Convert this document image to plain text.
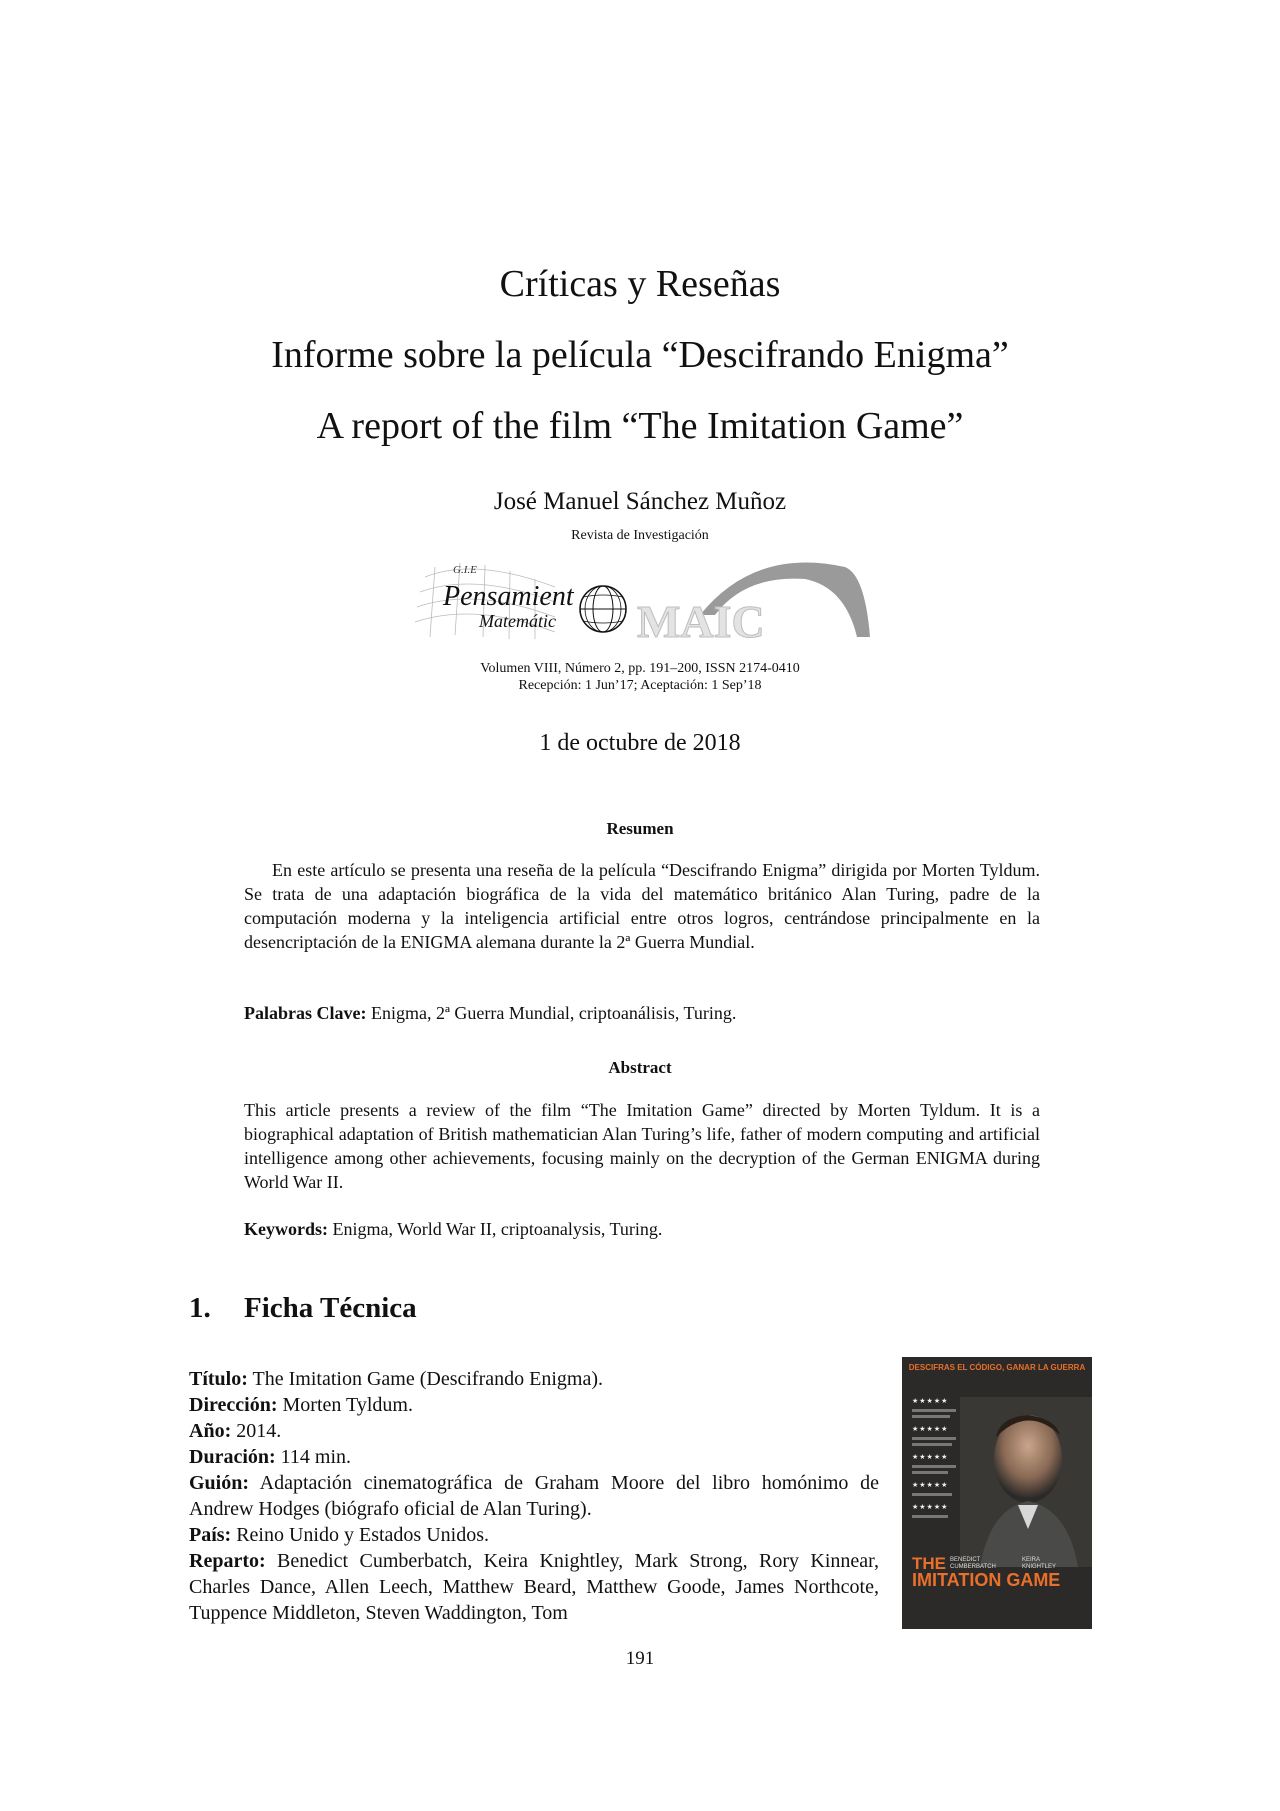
Críticas y Reseñas
Informe sobre la película “Descifrando Enigma”
A report of the film “The Imitation Game”
José Manuel Sánchez Muñoz
Revista de Investigación
G.I.E
Pensamient
Matemátic MAIC
Volumen VIII, Número 2, pp. 191–200, ISSN 2174-0410
Recepción: 1 Jun’17; Aceptación: 1 Sep’18
1 de octubre de 2018
Resumen
En este artículo se presenta una reseña de la película “Descifrando Enigma” dirigida por Morten Tyldum. Se trata de una adaptación biográfica de la vida del matemático británico Alan Turing, padre de la computación moderna y la inteligencia artificial entre otros logros, centrándose principalmente en la desencriptación de la ENIGMA alemana durante la 2ª Guerra Mundial.
Palabras Clave: Enigma, 2ª Guerra Mundial, criptoanálisis, Turing.
Abstract
This article presents a review of the film “The Imitation Game” directed by Morten Tyldum. It is a biographical adaptation of British mathematician Alan Turing’s life, father of modern computing and artificial intelligence among other achievements, focusing mainly on the decryption of the German ENIGMA during World War II.
Keywords: Enigma, World War II, criptoanalysis, Turing.
1. Ficha Técnica
Título: The Imitation Game (Descifrando Enigma).
Dirección: Morten Tyldum.
Año: 2014.
Duración: 114 min.
Guión: Adaptación cinematográfica de Graham Moore del libro homónimo de Andrew Hodges (biógrafo oficial de Alan Turing).
País: Reino Unido y Estados Unidos.
Reparto: Benedict Cumberbatch, Keira Knightley, Mark Strong, Rory Kinnear, Charles Dance, Allen Leech, Matthew Beard, Matthew Goode, James Northcote, Tuppence Middleton, Steven Waddington, Tom
DESCIFRAS EL CÓDIGO, GANAR LA GUERRA
★★★★★
★★★★★
★★★★★
★★★★★
★★★★★
THE BENEDICT CUMBERBATCH
KEIRA KNIGHTLEY
IMITATION GAME
191
